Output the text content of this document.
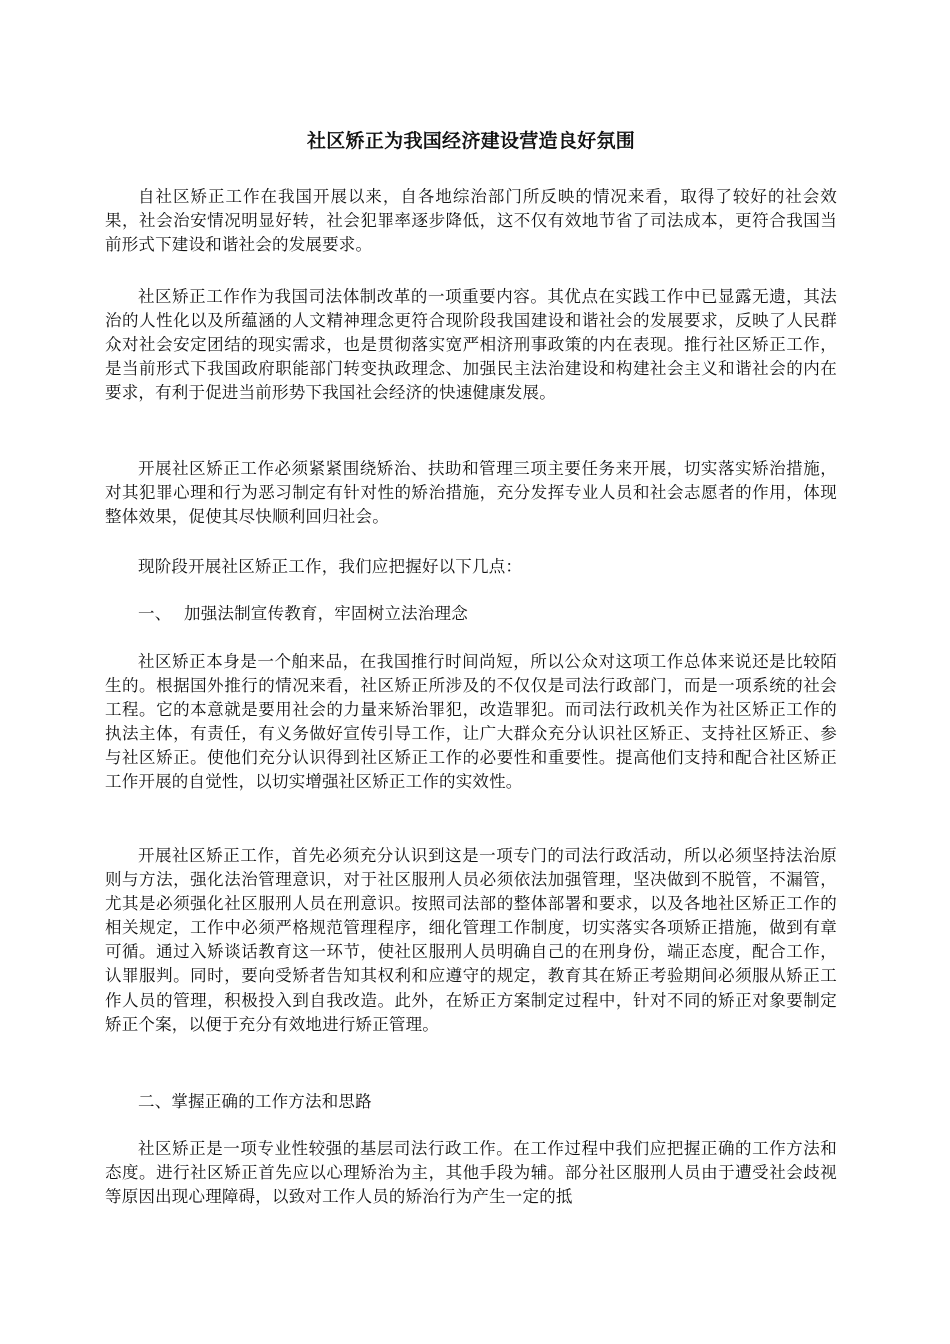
社区矫正为我国经济建设营造良好氛围

自社区矫正工作在我国开展以来，自各地综治部门所反映的情况来看，取得了较好的社会效果，社会治安情况明显好转，社会犯罪率逐步降低，这不仅有效地节省了司法成本，更符合我国当前形式下建设和谐社会的发展要求。

社区矫正工作作为我国司法体制改革的一项重要内容。其优点在实践工作中已显露无遗，其法治的人性化以及所蕴涵的人文精神理念更符合现阶段我国建设和谐社会的发展要求，反映了人民群众对社会安定团结的现实需求，也是贯彻落实宽严相济刑事政策的内在表现。推行社区矫正工作，是当前形式下我国政府职能部门转变执政理念、加强民主法治建设和构建社会主义和谐社会的内在要求，有利于促进当前形势下我国社会经济的快速健康发展。

开展社区矫正工作必须紧紧围绕矫治、扶助和管理三项主要任务来开展，切实落实矫治措施，对其犯罪心理和行为恶习制定有针对性的矫治措施，充分发挥专业人员和社会志愿者的作用，体现整体效果，促使其尽快顺利回归社会。

现阶段开展社区矫正工作，我们应把握好以下几点：

一、 加强法制宣传教育，牢固树立法治理念

社区矫正本身是一个舶来品，在我国推行时间尚短，所以公众对这项工作总体来说还是比较陌生的。根据国外推行的情况来看，社区矫正所涉及的不仅仅是司法行政部门，而是一项系统的社会工程。它的本意就是要用社会的力量来矫治罪犯，改造罪犯。而司法行政机关作为社区矫正工作的执法主体，有责任，有义务做好宣传引导工作，让广大群众充分认识社区矫正、支持社区矫正、参与社区矫正。使他们充分认识得到社区矫正工作的必要性和重要性。提高他们支持和配合社区矫正工作开展的自觉性，以切实增强社区矫正工作的实效性。

开展社区矫正工作，首先必须充分认识到这是一项专门的司法行政活动，所以必须坚持法治原则与方法，强化法治管理意识，对于社区服刑人员必须依法加强管理，坚决做到不脱管，不漏管，尤其是必须强化社区服刑人员在刑意识。按照司法部的整体部署和要求，以及各地社区矫正工作的相关规定，工作中必须严格规范管理程序，细化管理工作制度，切实落实各项矫正措施，做到有章可循。通过入矫谈话教育这一环节，使社区服刑人员明确自己的在刑身份，端正态度，配合工作，认罪服判。同时，要向受矫者告知其权利和应遵守的规定，教育其在矫正考验期间必须服从矫正工作人员的管理，积极投入到自我改造。此外，在矫正方案制定过程中，针对不同的矫正对象要制定矫正个案，以便于充分有效地进行矫正管理。

二、掌握正确的工作方法和思路

社区矫正是一项专业性较强的基层司法行政工作。在工作过程中我们应把握正确的工作方法和态度。进行社区矫正首先应以心理矫治为主，其他手段为辅。部分社区服刑人员由于遭受社会歧视等原因出现心理障碍，以致对工作人员的矫治行为产生一定的抵
